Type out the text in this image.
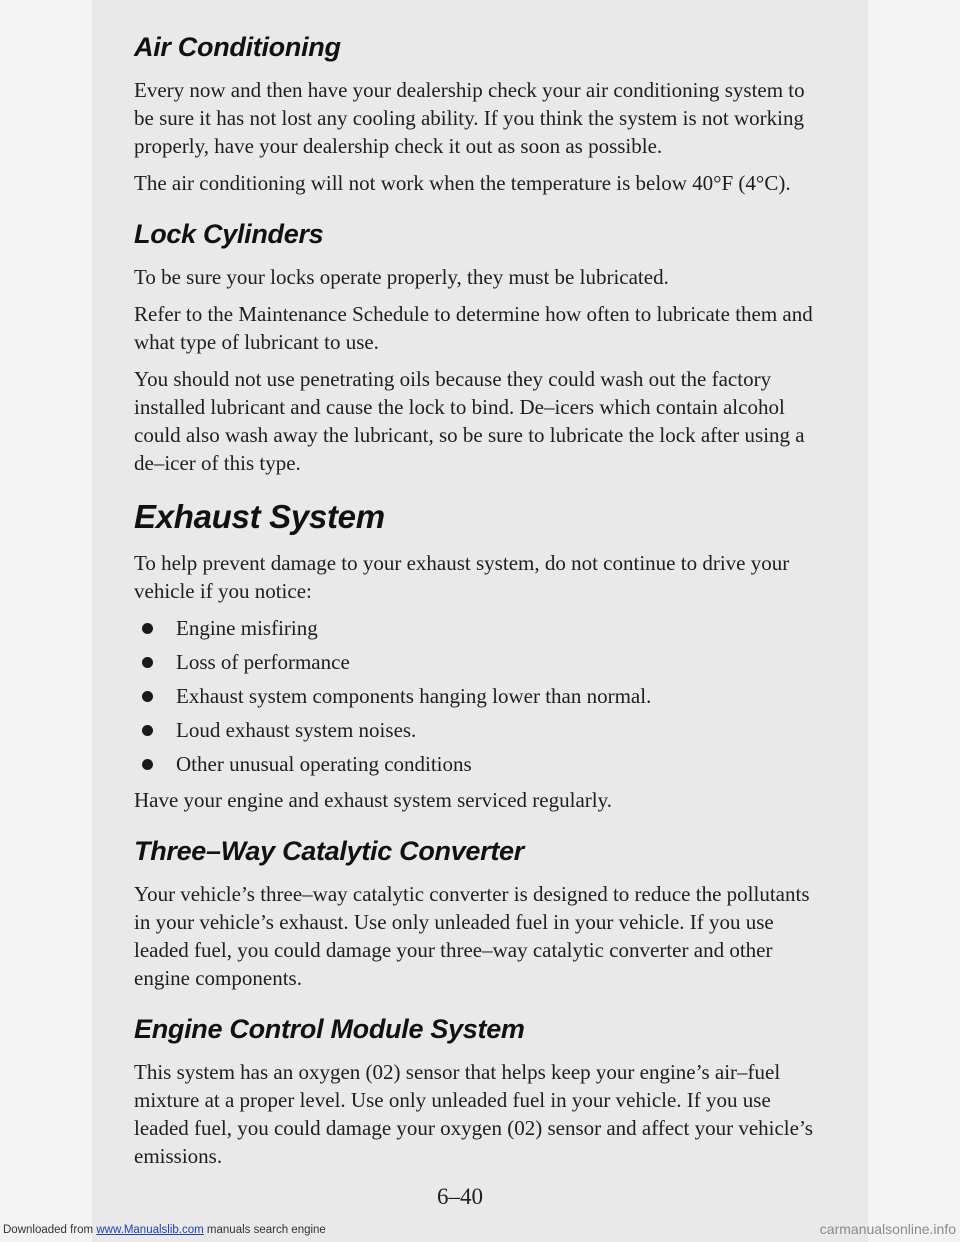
Air Conditioning

Every now and then have your dealership check your air conditioning system to be sure it has not lost any cooling ability. If you think the system is not working properly, have your dealership check it out as soon as possible.

The air conditioning will not work when the temperature is below 40°F (4°C).

Lock Cylinders

To be sure your locks operate properly, they must be lubricated.

Refer to the Maintenance Schedule to determine how often to lubricate them and what type of lubricant to use.

You should not use penetrating oils because they could wash out the factory installed lubricant and cause the lock to bind. De–icers which contain alcohol could also wash away the lubricant, so be sure to lubricate the lock after using a de–icer of this type.

Exhaust System

To help prevent damage to your exhaust system, do not continue to drive your vehicle if you notice:

Engine misfiring
Loss of performance
Exhaust system components hanging lower than normal.
Loud exhaust system noises.
Other unusual operating conditions

Have your engine and exhaust system serviced regularly.

Three–Way Catalytic Converter

Your vehicle’s three–way catalytic converter is designed to reduce the pollutants in your vehicle’s exhaust. Use only unleaded fuel in your vehicle. If you use leaded fuel, you could damage your three–way catalytic converter and other engine components.

Engine Control Module System

This system has an oxygen (02) sensor that helps keep your engine’s air–fuel mixture at a proper level. Use only unleaded fuel in your vehicle. If you use leaded fuel, you could damage your oxygen (02) sensor and affect your vehicle’s emissions.

6–40
Downloaded from www.Manualslib.com manuals search engine	carmanualsonline.info
